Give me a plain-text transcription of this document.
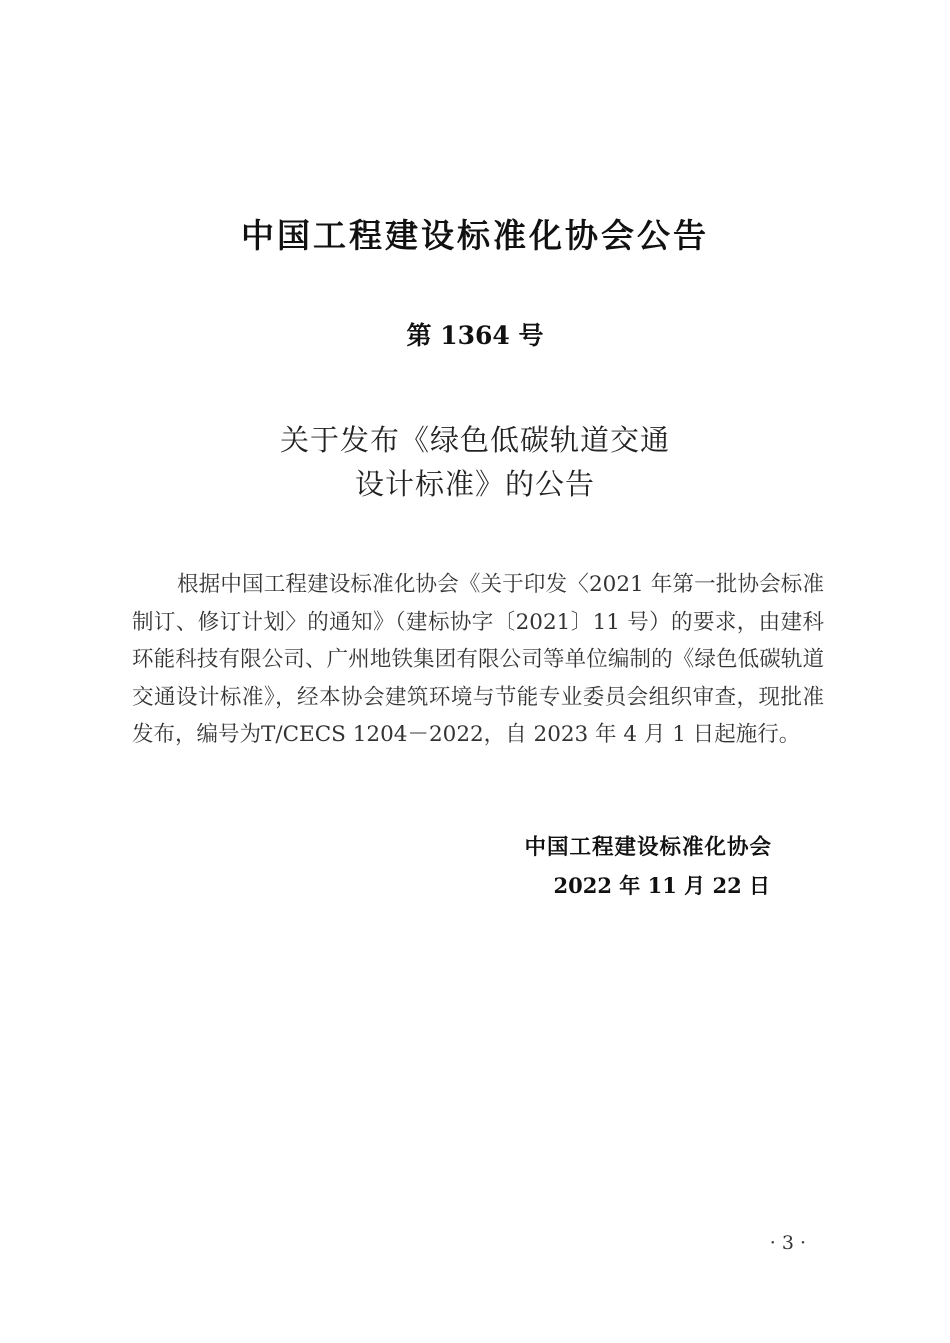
中国工程建设标准化协会公告
第 1364 号
关于发布《绿色低碳轨道交通
设计标准》的公告

根据中国工程建设标准化协会《关于印发〈2021 年第一批协会标准制订、修订计划〉的通知》（建标协字〔2021〕11 号）的要求，由建科环能科技有限公司、广州地铁集团有限公司等单位编制的《绿色低碳轨道交通设计标准》，经本协会建筑环境与节能专业委员会组织审查，现批准发布，编号为T/CECS 1204－2022，自 2023 年 4 月 1 日起施行。

中国工程建设标准化协会
2022 年 11 月 22 日
· 3 ·
